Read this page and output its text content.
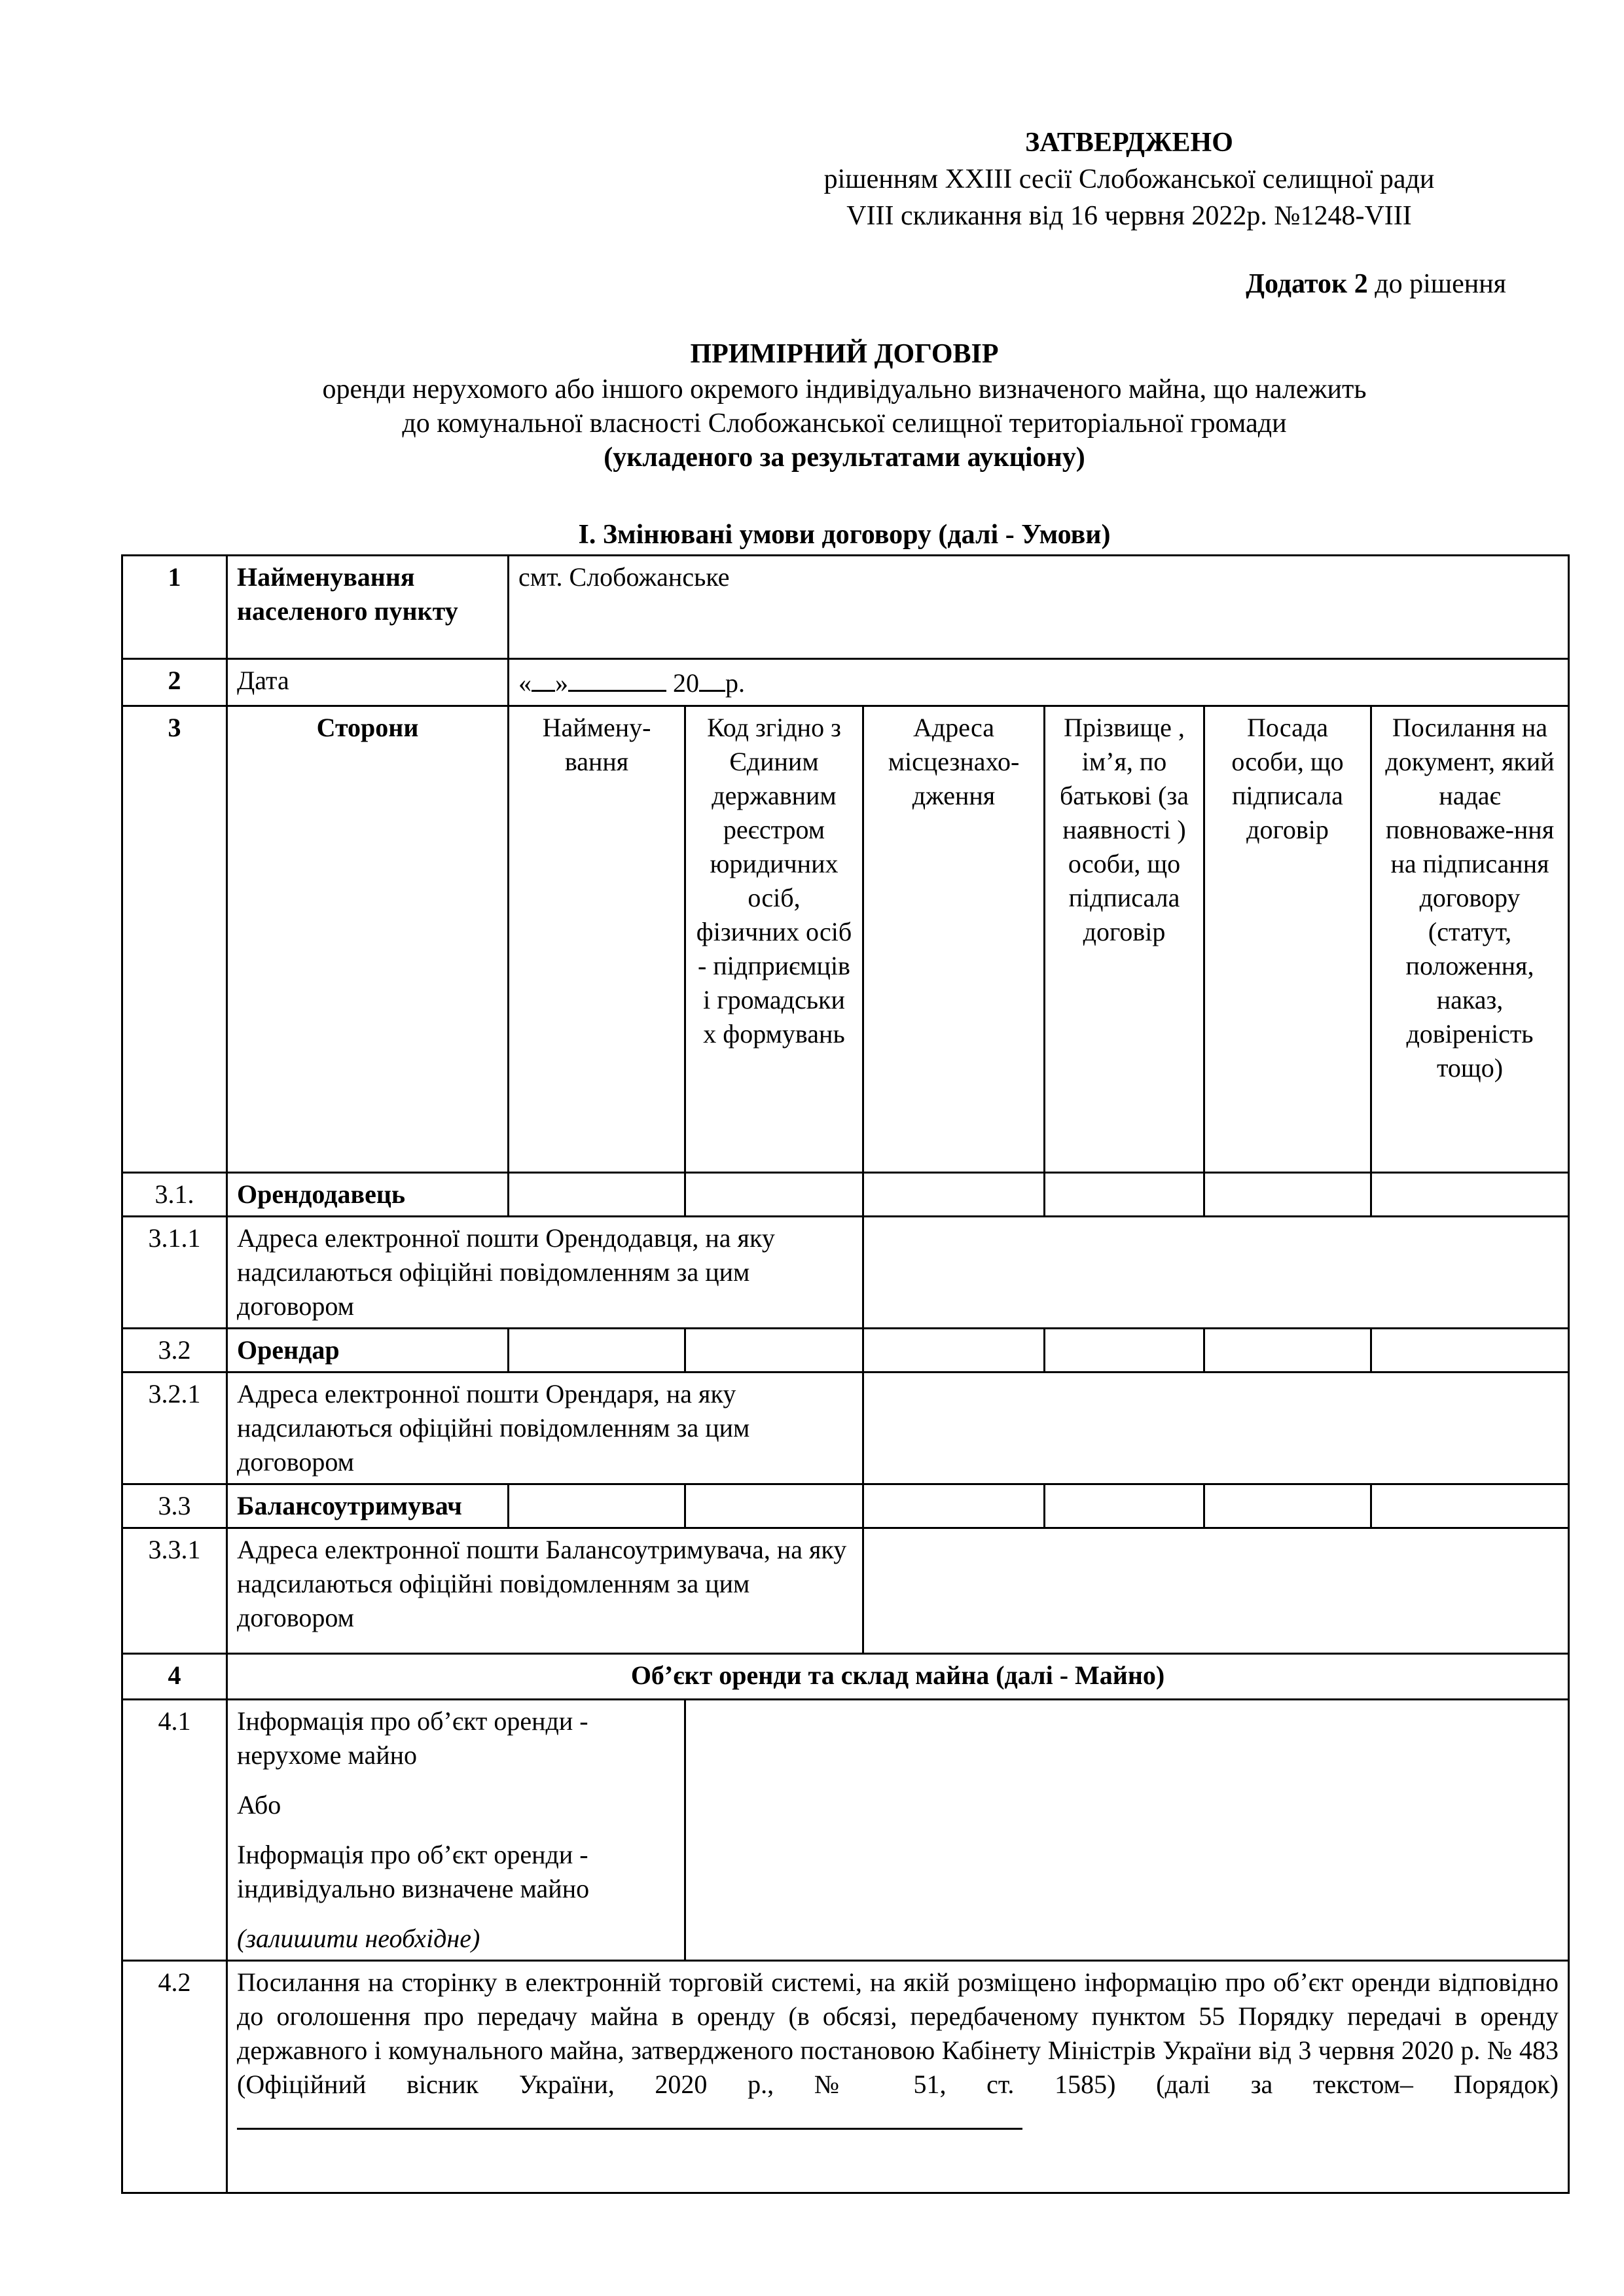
ЗАТВЕРДЖЕНО
рішенням XXIII сесії Слобожанської селищної ради
VIII скликання від 16 червня 2022р. №1248-VIII
Додаток 2 до рішення
ПРИМІРНИЙ ДОГОВІР
оренди нерухомого або іншого окремого індивідуально визначеного майна, що належить
до комунальної власності Слобожанської селищної територіальної громади
(укладеного за результатами аукціону)
І. Змінювані умови договору (далі - Умови)
1	Найменування населеного пункту	смт. Слобожанське					
2	Дата	« » 20 р.					
3	Сторони	Наймену-вання	Код згідно з Єдиним державним реєстром юридичних осіб, фізичних осіб - підприємців і громадськи х формувань	Адреса місцезнахо-дження	Прізвище , ім’я, по батькові (за наявності ) особи, що підписала договір	Посада особи, що підписала договір	Посилання на документ, який надає повноваже-ння на підписання договору (статут, положення, наказ, довіреність тощо)
3.1.	Орендодавець						
3.1.1	Адреса електронної пошти Орендодавця, на яку надсилаються офіційні повідомленням за цим договором						
3.2	Орендар						
3.2.1	Адреса електронної пошти Орендаря, на яку надсилаються офіційні повідомленням за цим договором						
3.3	Балансоутримувач						
3.3.1	Адреса електронної пошти Балансоутримувача, на яку надсилаються офіційні повідомленням за цим договором						
4	Об’єкт оренди та склад майна (далі - Майно)						
4.1	Інформація про об’єкт оренди - нерухоме майно
Або
Інформація про об’єкт оренди - індивідуально визначене майно
(залишити необхідне)						

4.2	Посилання на сторінку в електронній торговій системі, на якій розміщено інформацію про об’єкт оренди відповідно до оголошення про передачу майна в оренду (в обсязі, передбаченому пунктом 55 Порядку передачі в оренду державного і комунального майна, затвердженого постановою Кабінету Міністрів України від 3 червня 2020 р. № 483 (Офіційний вісник України, 2020 р., № 51, ст. 1585) (далі за текстом– Порядок)						
